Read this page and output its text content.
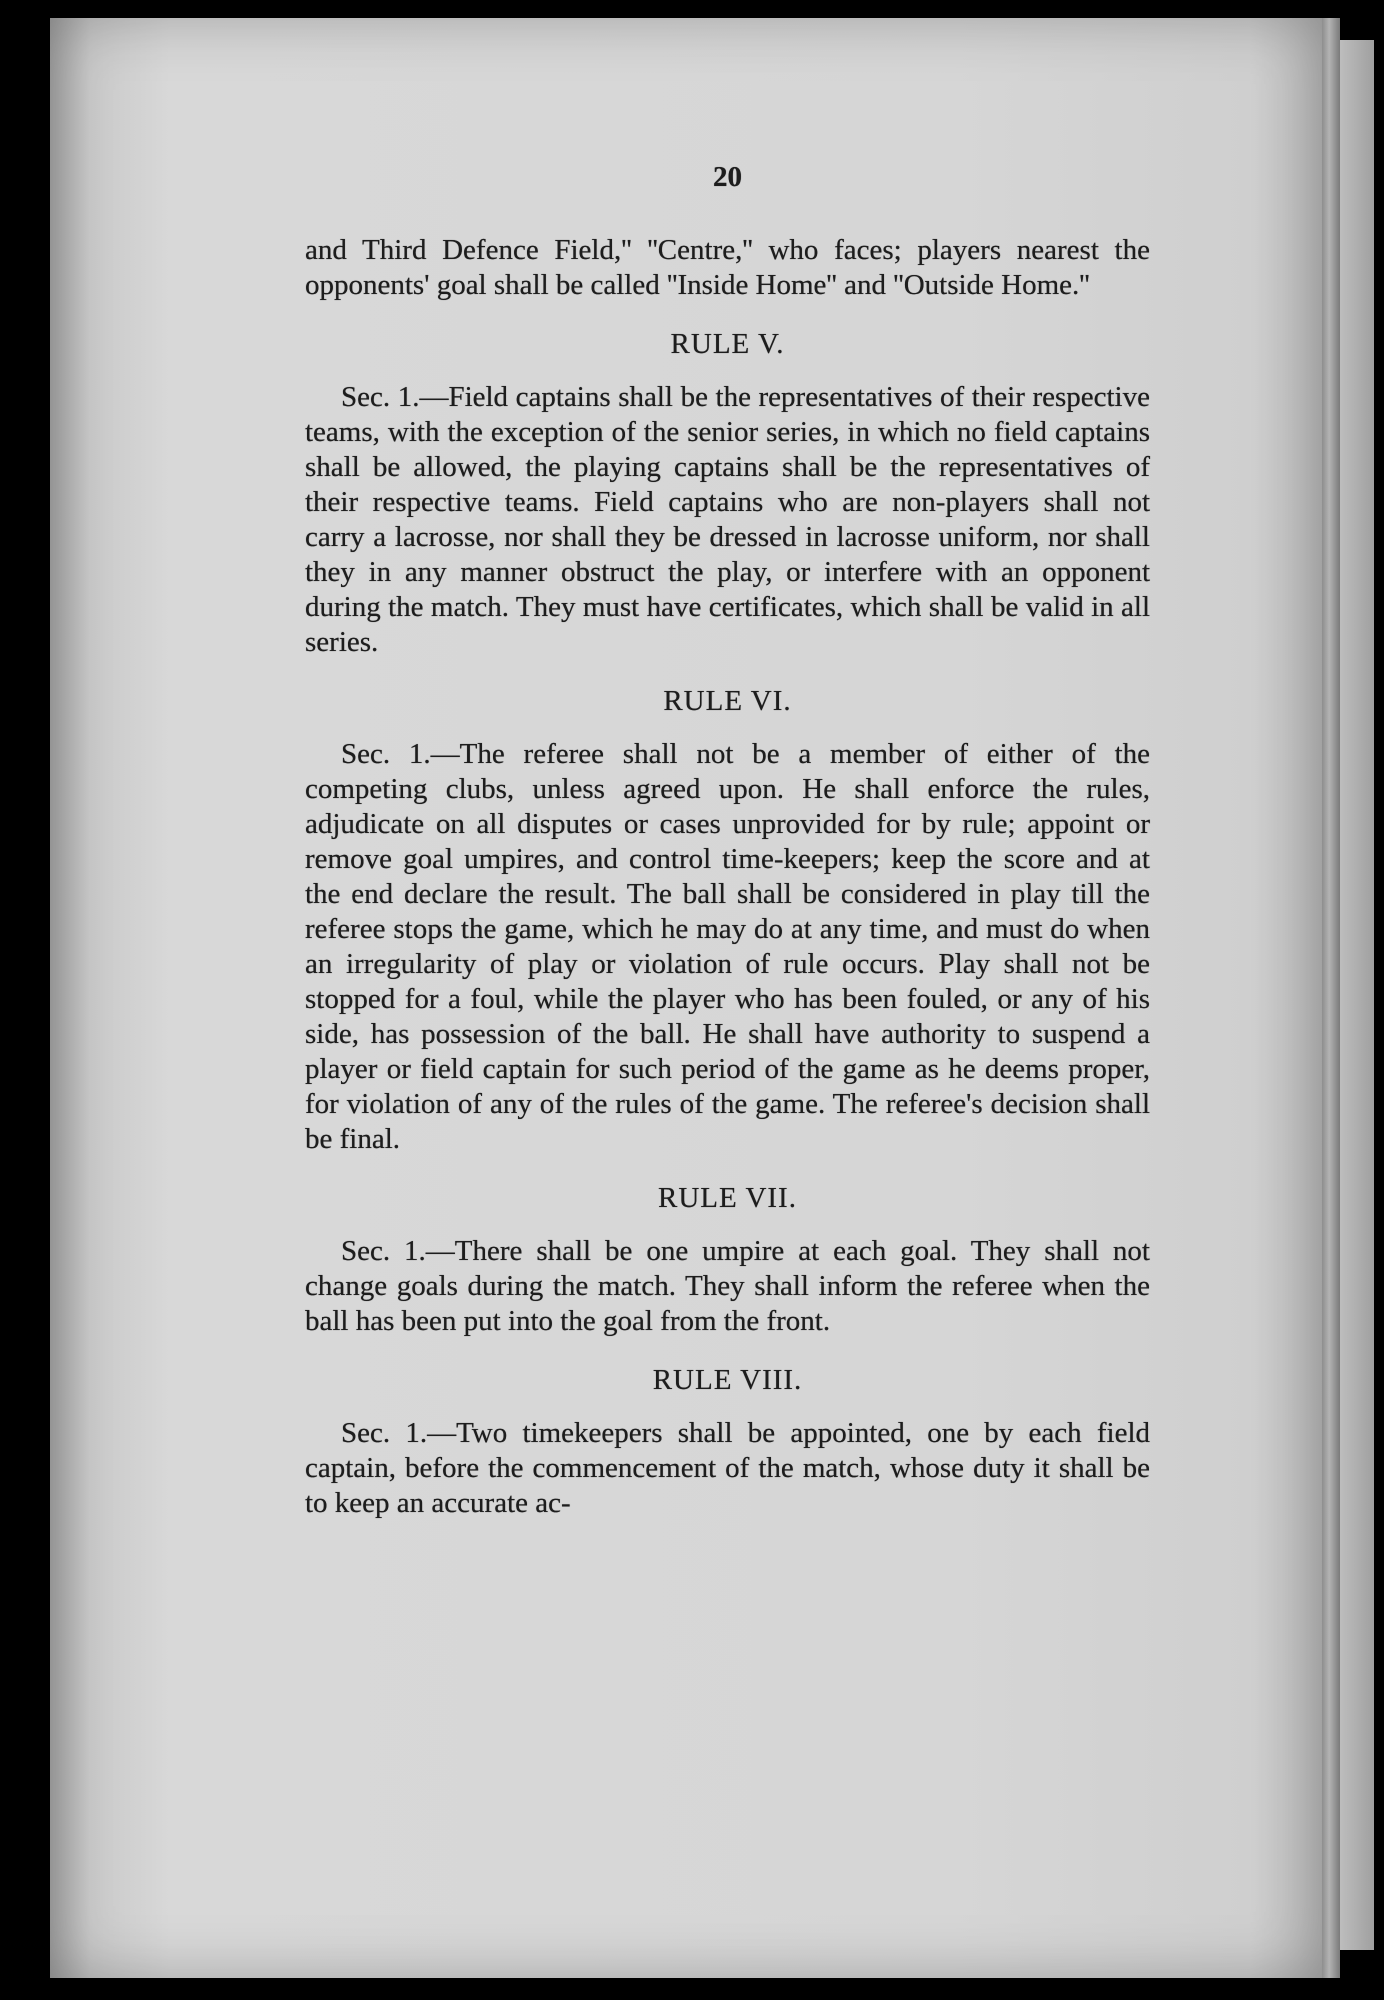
20

and Third Defence Field,'' ''Centre,'' who faces; players nearest the opponents' goal shall be called ''Inside Home'' and ''Outside Home.''

RULE V.

Sec. 1.—Field captains shall be the representatives of their respective teams, with the exception of the senior series, in which no field captains shall be allowed, the playing captains shall be the representatives of their respective teams. Field captains who are non-players shall not carry a lacrosse, nor shall they be dressed in lacrosse uniform, nor shall they in any manner obstruct the play, or interfere with an opponent during the match. They must have certificates, which shall be valid in all series.

RULE VI.

Sec. 1.—The referee shall not be a member of either of the competing clubs, unless agreed upon. He shall enforce the rules, adjudicate on all disputes or cases unprovided for by rule; appoint or remove goal umpires, and control time-keepers; keep the score and at the end declare the result. The ball shall be considered in play till the referee stops the game, which he may do at any time, and must do when an irregularity of play or violation of rule occurs. Play shall not be stopped for a foul, while the player who has been fouled, or any of his side, has possession of the ball. He shall have authority to suspend a player or field captain for such period of the game as he deems proper, for violation of any of the rules of the game. The referee's decision shall be final.

RULE VII.

Sec. 1.—There shall be one umpire at each goal. They shall not change goals during the match. They shall inform the referee when the ball has been put into the goal from the front.

RULE VIII.

Sec. 1.—Two timekeepers shall be appointed, one by each field captain, before the commencement of the match, whose duty it shall be to keep an accurate ac-
